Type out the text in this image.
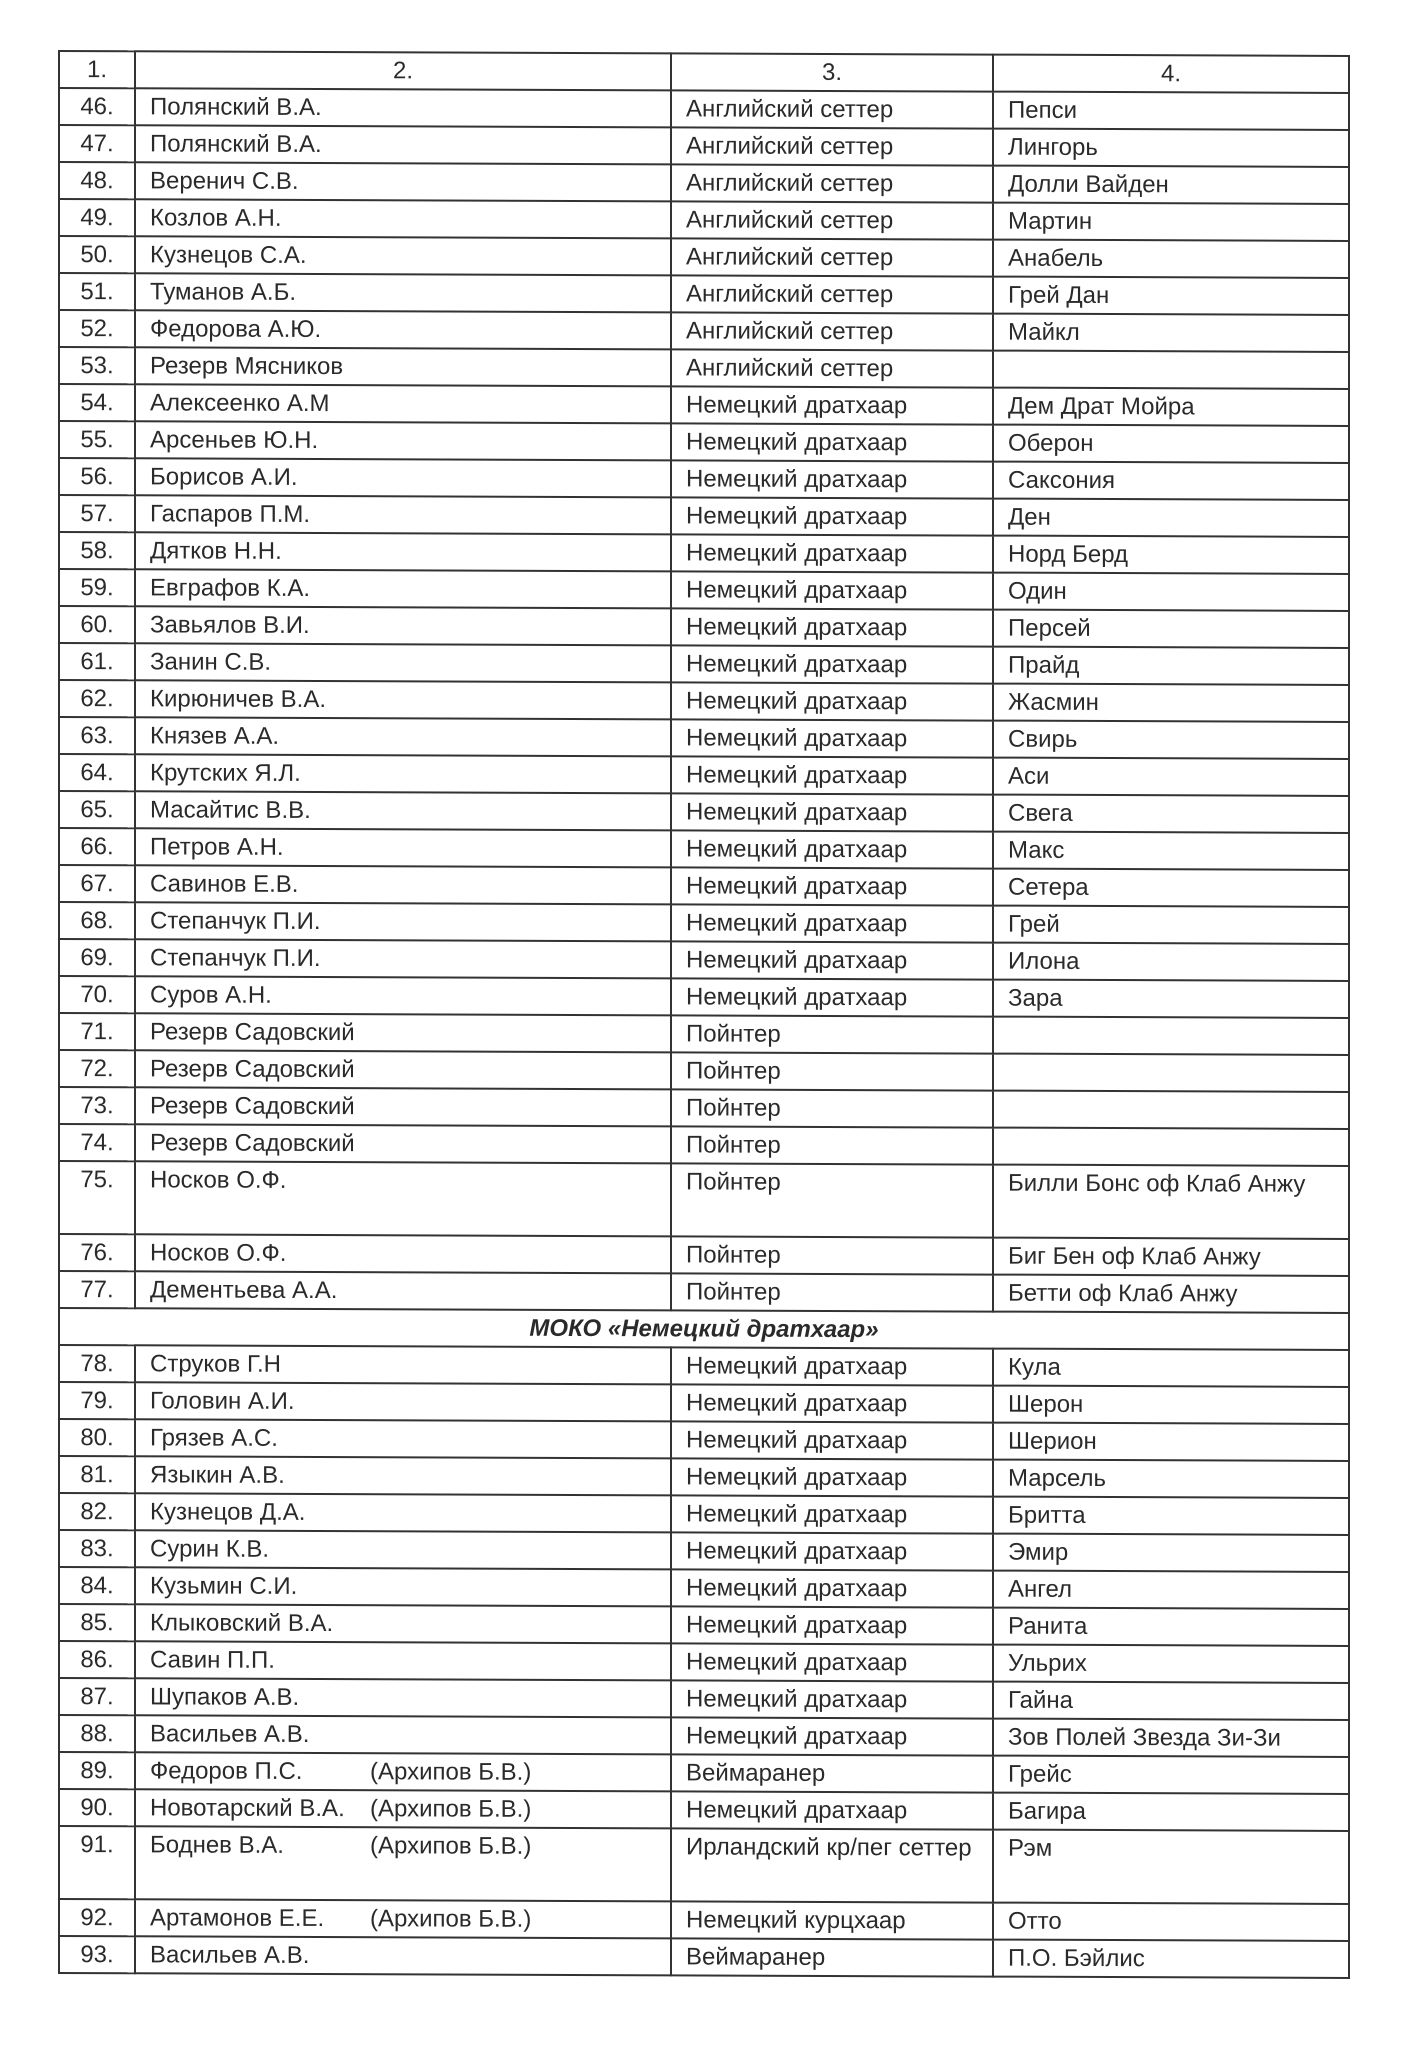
1.	2.	3.	4.
46.	Полянский В.А.	Английский сеттер	Пепси
47.	Полянский В.А.	Английский сеттер	Лингорь
48.	Веренич С.В.	Английский сеттер	Долли Вайден
49.	Козлов А.Н.	Английский сеттер	Мартин
50.	Кузнецов С.А.	Английский сеттер	Анабель
51.	Туманов А.Б.	Английский сеттер	Грей Дан
52.	Федорова А.Ю.	Английский сеттер	Майкл
53.	Резерв Мясников	Английский сеттер	
54.	Алексеенко А.М	Немецкий дратхаар	Дем Драт Мойра
55.	Арсеньев Ю.Н.	Немецкий дратхаар	Оберон
56.	Борисов А.И.	Немецкий дратхаар	Саксония
57.	Гаспаров П.М.	Немецкий дратхаар	Ден
58.	Дятков Н.Н.	Немецкий дратхаар	Норд Берд
59.	Евграфов К.А.	Немецкий дратхаар	Один
60.	Завьялов В.И.	Немецкий дратхаар	Персей
61.	Занин С.В.	Немецкий дратхаар	Прайд
62.	Кирюничев В.А.	Немецкий дратхаар	Жасмин
63.	Князев А.А.	Немецкий дратхаар	Свирь
64.	Крутских Я.Л.	Немецкий дратхаар	Аси
65.	Масайтис В.В.	Немецкий дратхаар	Свега
66.	Петров А.Н.	Немецкий дратхаар	Макс
67.	Савинов Е.В.	Немецкий дратхаар	Сетера
68.	Степанчук П.И.	Немецкий дратхаар	Грей
69.	Степанчук П.И.	Немецкий дратхаар	Илона
70.	Суров А.Н.	Немецкий дратхаар	Зара
71.	Резерв Садовский	Пойнтер	
72.	Резерв Садовский	Пойнтер	
73.	Резерв Садовский	Пойнтер	
74.	Резерв Садовский	Пойнтер	
75.	Носков О.Ф.	Пойнтер	Билли Бонс оф Клаб Анжу
76.	Носков О.Ф.	Пойнтер	Биг Бен оф Клаб Анжу
77.	Дементьева А.А.	Пойнтер	Бетти оф Клаб Анжу
МОКО «Немецкий дратхаар»			
78.	Струков Г.Н	Немецкий дратхаар	Кула
79.	Головин А.И.	Немецкий дратхаар	Шерон
80.	Грязев А.С.	Немецкий дратхаар	Шерион
81.	Языкин А.В.	Немецкий дратхаар	Марсель
82.	Кузнецов Д.А.	Немецкий дратхаар	Бритта
83.	Сурин К.В.	Немецкий дратхаар	Эмир
84.	Кузьмин С.И.	Немецкий дратхаар	Ангел
85.	Клыковский В.А.	Немецкий дратхаар	Ранита
86.	Савин П.П.	Немецкий дратхаар	Ульрих
87.	Шупаков А.В.	Немецкий дратхаар	Гайна
88.	Васильев А.В.	Немецкий дратхаар	Зов Полей Звезда Зи-Зи
89.	Федоров П.С. (Архипов Б.В.)	Веймаранер	Грейс
90.	Новотарский В.А. (Архипов Б.В.)	Немецкий дратхаар	Багира
91.	Боднев В.А. (Архипов Б.В.)	Ирландский кр/пег сеттер	Рэм
92.	Артамонов Е.Е. (Архипов Б.В.)	Немецкий курцхаар	Отто
93.	Васильев А.В.	Веймаранер	П.О. Бэйлис
